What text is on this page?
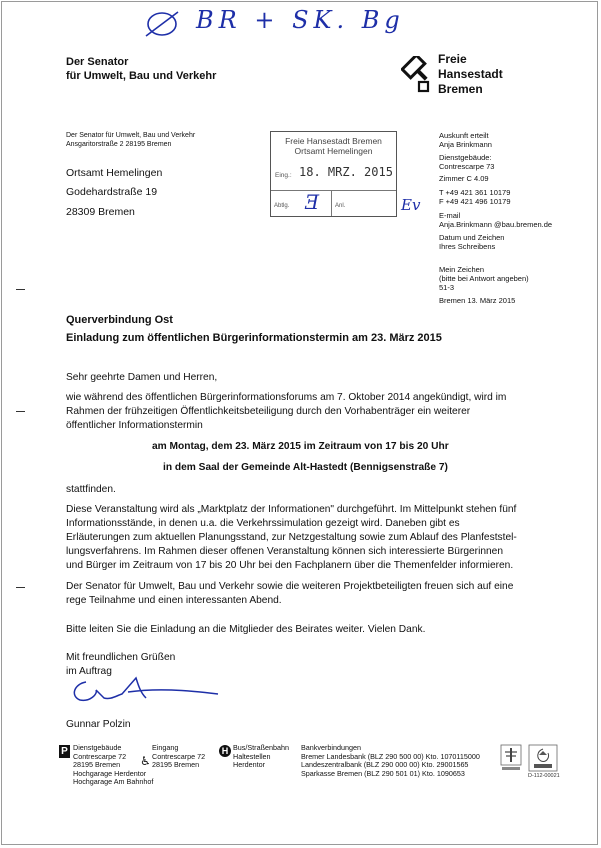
BR + SK. Bg
Der Senator
für Umwelt, Bau und Verkehr
Freie
Hansestadt
Bremen
Der Senator für Umwelt, Bau und Verkehr
Ansgaritorstraße 2 28195 Bremen
Ortsamt Hemelingen
Godehardstraße 19
28309 Bremen
Freie Hansestadt Bremen
Ortsamt Hemelingen
Eing.: 18. MRZ. 2015
Abtlg.	Anl.
Ǝ	Ev
Auskunft erteilt
Anja Brinkmann
Dienstgebäude:
Contrescarpe 73
Zimmer C 4.09
T +49 421 361 10179
F +49 421 496 10179
E-mail
Anja.Brinkmann @bau.bremen.de
Datum und Zeichen
Ihres Schreibens
Mein Zeichen
(bitte bei Antwort angeben)
51-3
Bremen 13. März 2015
Querverbindung Ost
Einladung zum öffentlichen Bürgerinformationstermin am 23. März 2015
Sehr geehrte Damen und Herren,
wie während des öffentlichen Bürgerinformationsforums am 7. Oktober 2014 angekündigt, wird im
Rahmen der frühzeitigen Öffentlichkeitsbeteiligung durch den Vorhabenträger ein weiterer
öffentlicher Informationstermin
am Montag, dem 23. März 2015 im Zeitraum von 17 bis 20 Uhr
in dem Saal der Gemeinde Alt-Hastedt (Bennigsenstraße 7)
stattfinden.
Diese Veranstaltung wird als „Marktplatz der Informationen" durchgeführt. Im Mittelpunkt stehen fünf
Informationsstände, in denen u.a. die Verkehrssimulation gezeigt wird. Daneben gibt es
Erläuterungen zum aktuellen Planungsstand, zur Netzgestaltung sowie zum Ablauf des Planfeststel-
lungsverfahrens. Im Rahmen dieser offenen Veranstaltung können sich interessierte Bürgerinnen
und Bürger im Zeitraum von 17 bis 20 Uhr bei den Fachplanern über die Themenfelder informieren.
Der Senator für Umwelt, Bau und Verkehr sowie die weiteren Projektbeteiligten freuen sich auf eine
rege Teilnahme und einen interessanten Abend.
Bitte leiten Sie die Einladung an die Mitglieder des Beirates weiter. Vielen Dank.
Mit freundlichen Grüßen
im Auftrag
Gunnar Polzin
P Dienstgebäude
Contrescarpe 72
28195 Bremen
Hochgarage Herdentor
Hochgarage Am Bahnhof
♿
Eingang
Contrescarpe 72
28195 Bremen
H Bus/Straßenbahn
Haltestellen
Herdentor
Bankverbindungen
Bremer Landesbank (BLZ 290 500 00) Kto. 1070115000
Landeszentralbank (BLZ 290 000 00) Kto. 29001565
Sparkasse Bremen (BLZ 290 501 01) Kto. 1090653	D-112-00021
